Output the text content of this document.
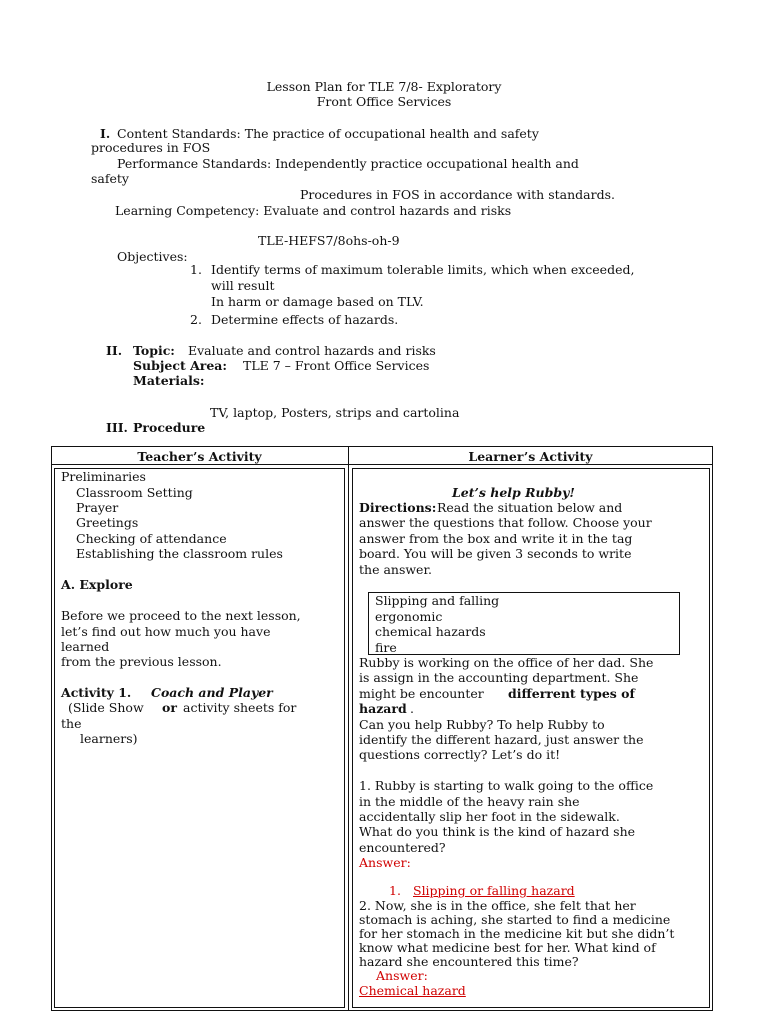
Lesson Plan for TLE 7/8- Exploratory
Front Office Services
I. Content Standards: The practice of occupational health and safety
procedures in FOS
Performance Standards: Independently practice occupational health and
safety
Procedures in FOS in accordance with standards.
Learning Competency: Evaluate and control hazards and risks
TLE-HEFS7/8ohs-oh-9
Objectives:
1. Identify terms of maximum tolerable limits, which when exceeded,
will result
In harm or damage based on TLV.
2. Determine effects of hazards.
II. Topic: Evaluate and control hazards and risks
Subject Area: TLE 7 – Front Office Services
Materials:
TV, laptop, Posters, strips and cartolina
III. Procedure
Teacher’s Activity	Learner’s Activity
Preliminaries
Classroom Setting
Prayer
Greetings
Checking of attendance
Establishing the classroom rules
A. Explore
Before we proceed to the next lesson,
let’s find out how much you have
learned
from the previous lesson.
Activity 1. Coach and Player
(Slide Show or activity sheets for
the
learners)
Let’s help Rubby!
Directions: Read the situation below and
answer the questions that follow. Choose your
answer from the box and write it in the tag
board. You will be given 3 seconds to write
the answer.
Slipping and falling
ergonomic
chemical hazards
fire
Rubby is working on the office of her dad. She
is assign in the accounting department. She
might be encounter differrent types of
hazard .
Can you help Rubby? To help Rubby to
identify the different hazard, just answer the
questions correctly? Let’s do it!
1. Rubby is starting to walk going to the office
in the middle of the heavy rain she
accidentally slip her foot in the sidewalk.
What do you think is the kind of hazard she
encountered?
Answer:
1. Slipping or falling hazard
2. Now, she is in the office, she felt that her
stomach is aching, she started to find a medicine
for her stomach in the medicine kit but she didn’t
know what medicine best for her. What kind of
hazard she encountered this time?
Answer:
Chemical hazard
